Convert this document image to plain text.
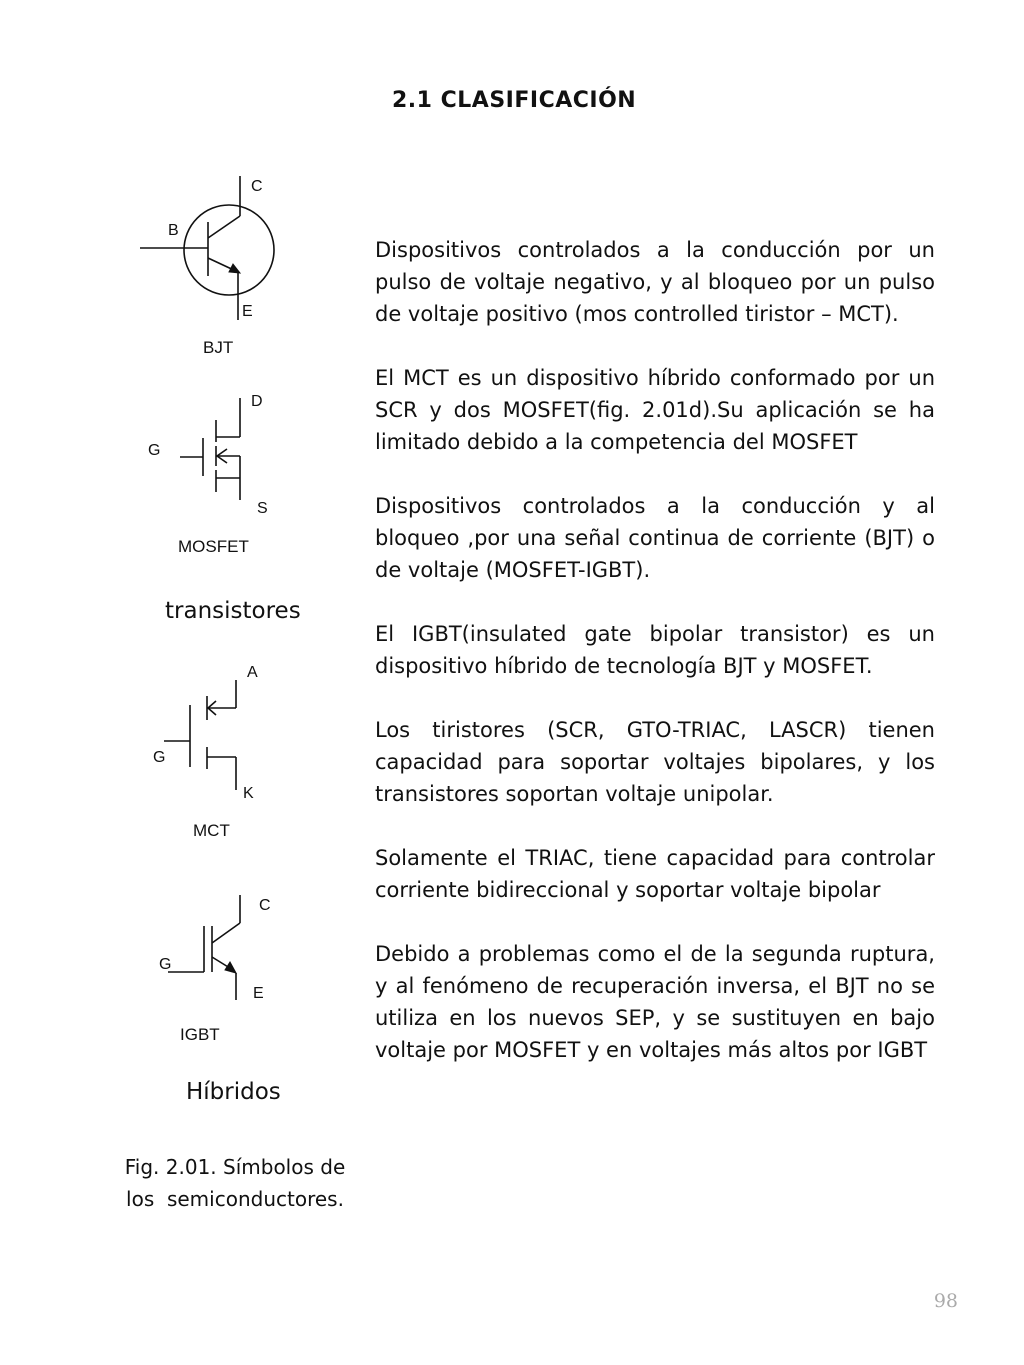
2.1 CLASIFICACIÓN
C
B
E
BJT
D
G
S
MOSFET
transistores
A
G
K
MCT
C
G
E
IGBT
Híbridos
Fig. 2.01. Símbolos de
los  semiconductores.

Dispositivos controlados a la conducción por un pulso de voltaje negativo, y al bloqueo por un pulso de voltaje positivo (mos controlled tiristor – MCT).

El MCT es un dispositivo híbrido conformado por un SCR y dos MOSFET(fig. 2.01d).Su aplicación se ha limitado debido a la competencia del MOSFET

Dispositivos controlados a la conducción y al bloqueo ,por una señal continua de corriente (BJT) o de voltaje (MOSFET-IGBT).

El IGBT(insulated gate bipolar transistor) es un dispositivo híbrido de tecnología BJT y MOSFET.

Los tiristores (SCR, GTO-TRIAC, LASCR) tienen capacidad para soportar voltajes bipolares, y los transistores soportan voltaje unipolar.

Solamente el TRIAC, tiene capacidad para controlar corriente bidireccional y soportar voltaje bipolar

Debido a problemas como el de la segunda ruptura, y al fenómeno de recuperación inversa, el BJT no se utiliza en los nuevos SEP, y se sustituyen en bajo voltaje por MOSFET y en voltajes más altos por IGBT

98
